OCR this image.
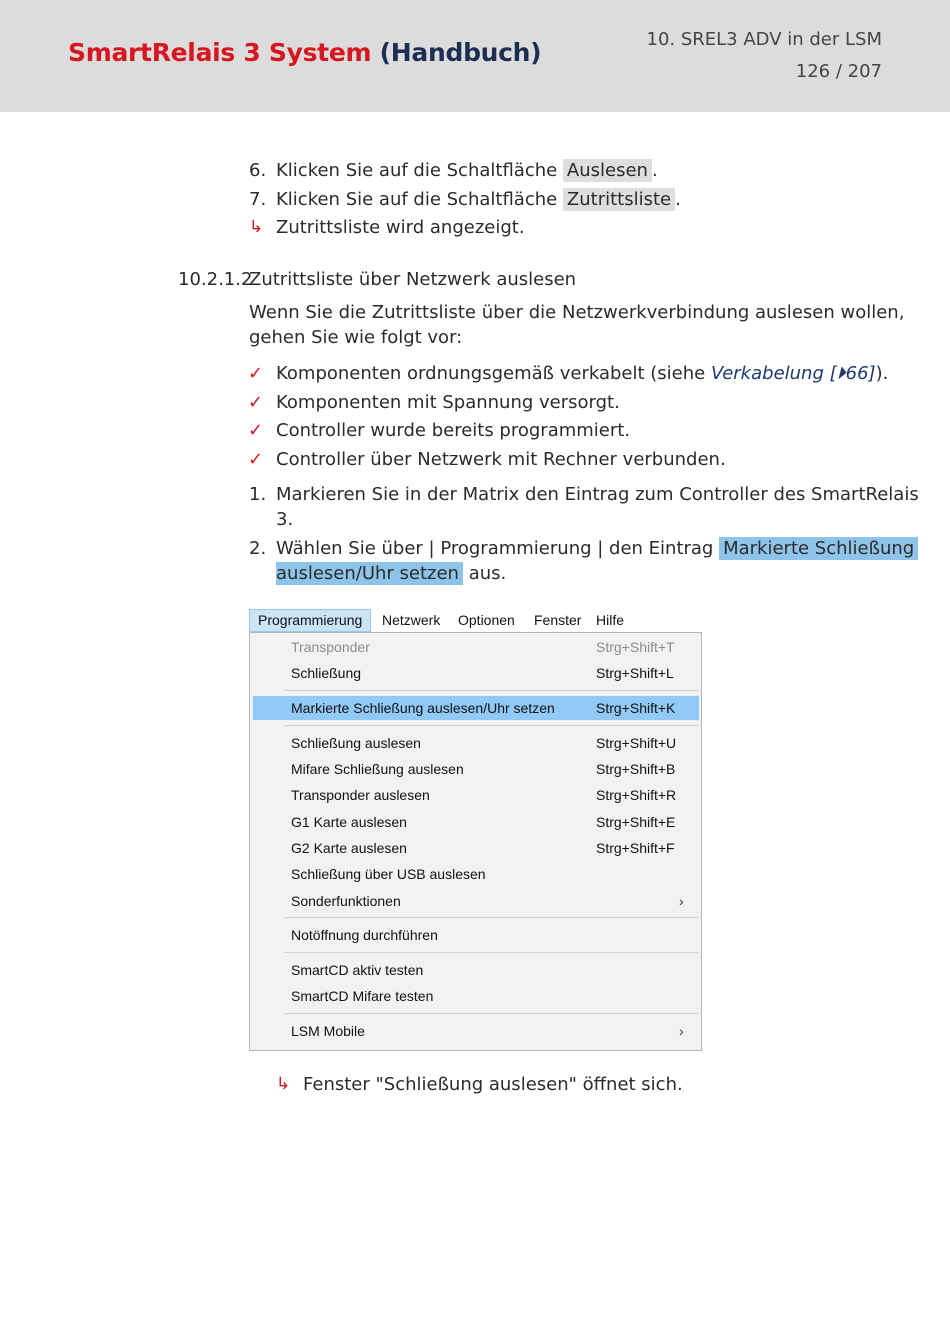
SmartRelais 3 System (Handbuch)	10. SREL3 ADV in der LSM
126 / 207
6. Klicken Sie auf die Schaltfläche Auslesen .
7. Klicken Sie auf die Schaltfläche Zutrittsliste .
↳ Zutrittsliste wird angezeigt.
10.2.1.2
Zutrittsliste über Netzwerk auslesen
Wenn Sie die Zutrittsliste über die Netzwerkverbindung auslesen wollen,
gehen Sie wie folgt vor:
✓ Komponenten ordnungsgemäß verkabelt (siehe Verkabelung [⏵66]).
✓ Komponenten mit Spannung versorgt.
✓ Controller wurde bereits programmiert.
✓ Controller über Netzwerk mit Rechner verbunden.
1. Markieren Sie in der Matrix den Eintrag zum Controller des SmartRelais
3.
2. Wählen Sie über | Programmierung | den Eintrag Markierte Schließung
auslesen/Uhr setzen aus.
Programmierung	Netzwerk	Optionen	Fenster	Hilfe
Transponder	Strg+Shift+T
Schließung	Strg+Shift+L
Markierte Schließung auslesen/Uhr setzen	Strg+Shift+K
Schließung auslesen	Strg+Shift+U
Mifare Schließung auslesen	Strg+Shift+B
Transponder auslesen	Strg+Shift+R
G1 Karte auslesen	Strg+Shift+E
G2 Karte auslesen	Strg+Shift+F
Schließung über USB auslesen
Sonderfunktionen	›
Notöffnung durchführen
SmartCD aktiv testen
SmartCD Mifare testen
LSM Mobile	›
↳ Fenster "Schließung auslesen" öffnet sich.
